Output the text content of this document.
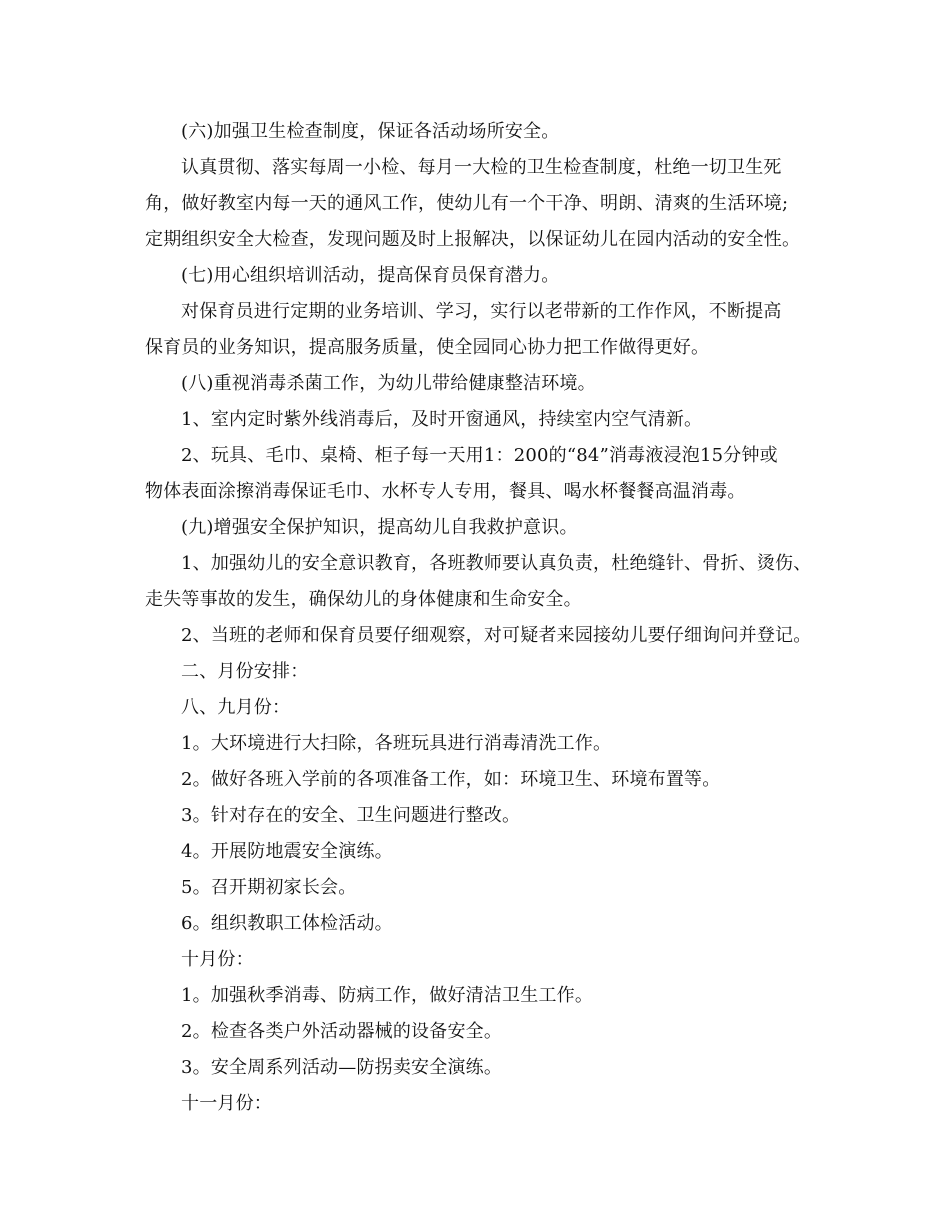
(六)加强卫生检查制度，保证各活动场所安全。
认真贯彻、落实每周一小检、每月一大检的卫生检查制度，杜绝一切卫生死
角，做好教室内每一天的通风工作，使幼儿有一个干净、明朗、清爽的生活环境;
定期组织安全大检查，发现问题及时上报解决，以保证幼儿在园内活动的安全性。
(七)用心组织培训活动，提高保育员保育潜力。
对保育员进行定期的业务培训、学习，实行以老带新的工作作风，不断提高
保育员的业务知识，提高服务质量，使全园同心协力把工作做得更好。
(八)重视消毒杀菌工作，为幼儿带给健康整洁环境。
1、室内定时紫外线消毒后，及时开窗通风，持续室内空气清新。
2、玩具、毛巾、桌椅、柜子每一天用1：200的“84”消毒液浸泡15分钟或
物体表面涂擦消毒保证毛巾、水杯专人专用，餐具、喝水杯餐餐高温消毒。
(九)增强安全保护知识，提高幼儿自我救护意识。
1、加强幼儿的安全意识教育，各班教师要认真负责，杜绝缝针、骨折、烫伤、
走失等事故的发生，确保幼儿的身体健康和生命安全。
2、当班的老师和保育员要仔细观察，对可疑者来园接幼儿要仔细询问并登记。
二、月份安排：
八、九月份：
1。大环境进行大扫除，各班玩具进行消毒清洗工作。
2。做好各班入学前的各项准备工作，如：环境卫生、环境布置等。
3。针对存在的安全、卫生问题进行整改。
4。开展防地震安全演练。
5。召开期初家长会。
6。组织教职工体检活动。
十月份：
1。加强秋季消毒、防病工作，做好清洁卫生工作。
2。检查各类户外活动器械的设备安全。
3。安全周系列活动—防拐卖安全演练。
十一月份：
